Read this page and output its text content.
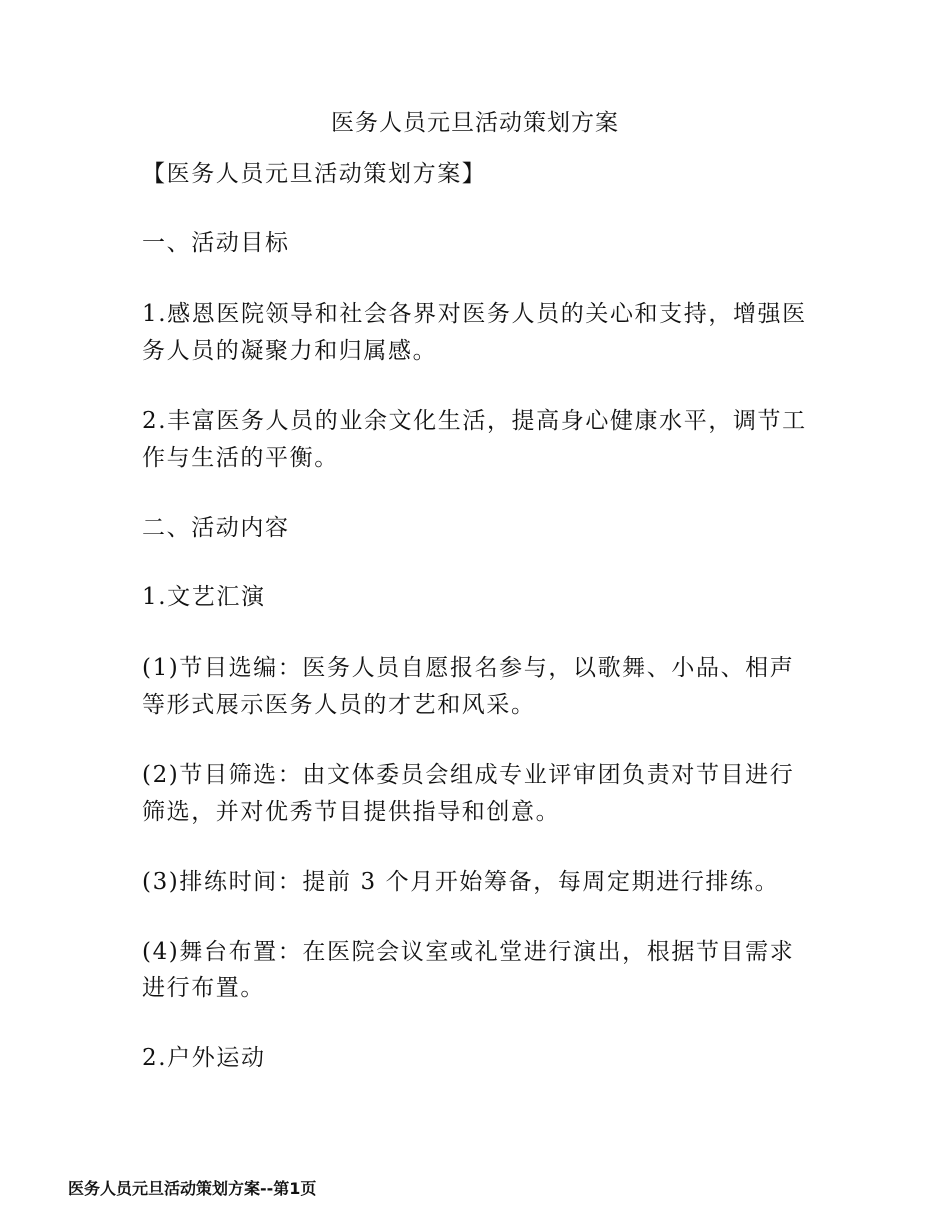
医务人员元旦活动策划方案
【医务人员元旦活动策划方案】
一、活动目标
1.感恩医院领导和社会各界对医务人员的关心和支持，增强医
务人员的凝聚力和归属感。
2.丰富医务人员的业余文化生活，提高身心健康水平，调节工
作与生活的平衡。
二、活动内容
1.文艺汇演
(1)节目选编：医务人员自愿报名参与，以歌舞、小品、相声
等形式展示医务人员的才艺和风采。
(2)节目筛选：由文体委员会组成专业评审团负责对节目进行
筛选，并对优秀节目提供指导和创意。
(3)排练时间：提前 3 个月开始筹备，每周定期进行排练。
(4)舞台布置：在医院会议室或礼堂进行演出，根据节目需求
进行布置。
2.户外运动
医务人员元旦活动策划方案--第1页
